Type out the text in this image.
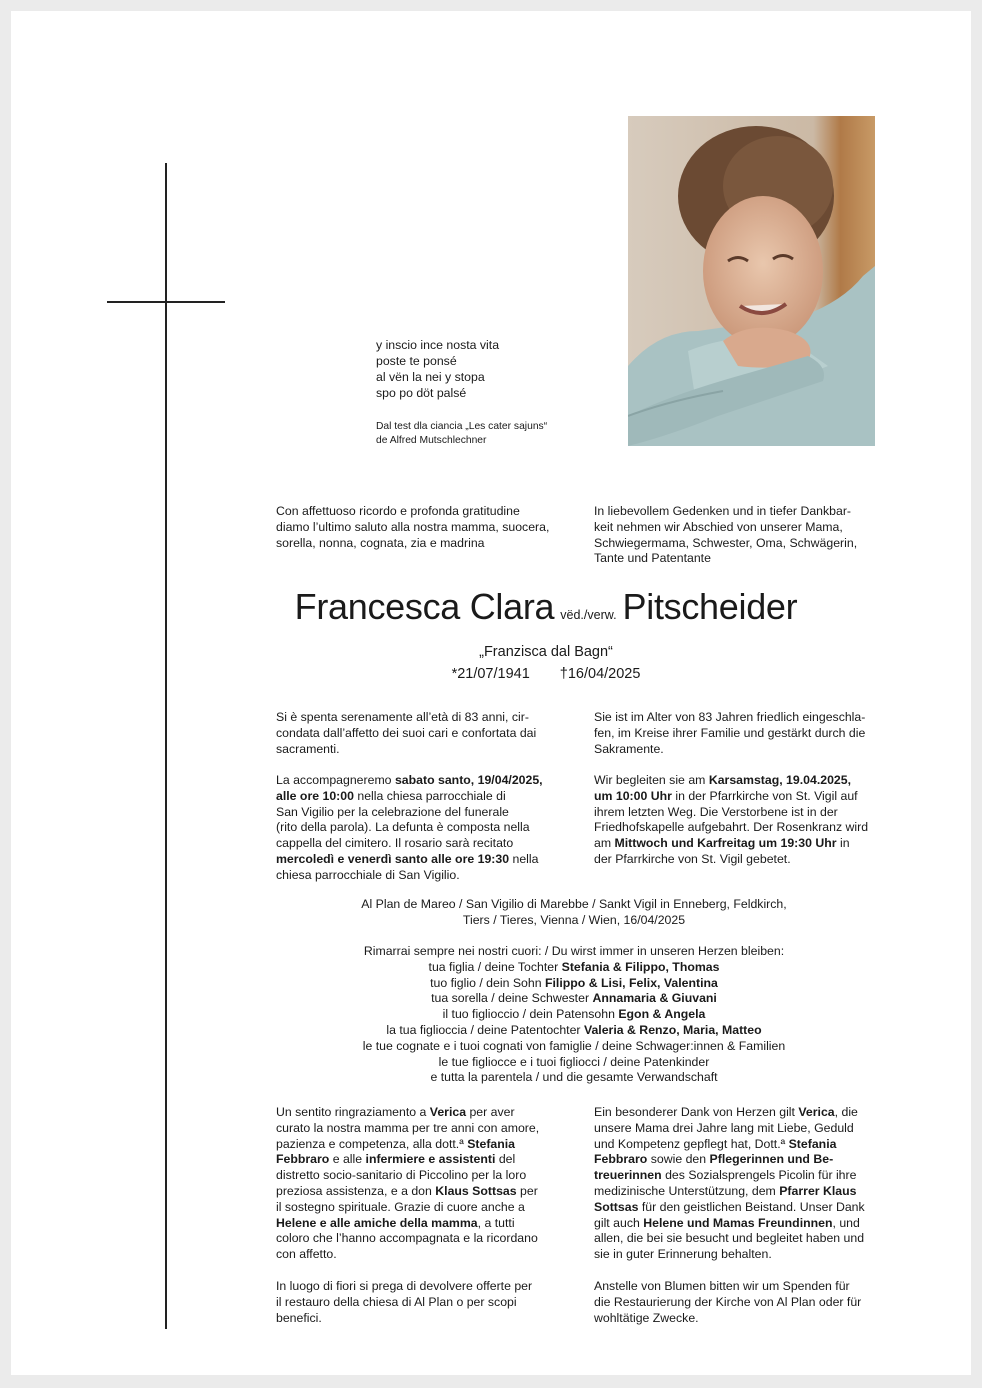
y inscio ince nosta vita

poste te ponsé

al vën la nei y stopa

spo po döt palsé

Dal test dla ciancia „Les cater sajuns“

de Alfred Mutschlechner

Con affettuoso ricordo e profonda gratitudine

diamo l’ultimo saluto alla nostra mamma, suocera,

sorella, nonna, cognata, zia e madrina

In liebevollem Gedenken und in tiefer Dankbar-

keit nehmen wir Abschied von unserer Mama,

Schwiegermama, Schwester, Oma, Schwägerin,

Tante und Patentante

Francesca Clara vëd./verw. Pitscheider
„Franzisca dal Bagn“
*21/07/1941 †16/04/2025

Si è spenta serenamente all’età di 83 anni, cir-

condata dall’affetto dei suoi cari e confortata dai

sacramenti.

Sie ist im Alter von 83 Jahren friedlich eingeschla-

fen, im Kreise ihrer Familie und gestärkt durch die

Sakramente.

La accompagneremo sabato santo, 19/04/2025,

alle ore 10:00 nella chiesa parrocchiale di

San Vigilio per la celebrazione del funerale

(rito della parola). La defunta è composta nella

cappella del cimitero. Il rosario sarà recitato

mercoledì e venerdì santo alle ore 19:30 nella

chiesa parrocchiale di San Vigilio.

Wir begleiten sie am Karsamstag, 19.04.2025,

um 10:00 Uhr in der Pfarrkirche von St. Vigil auf

ihrem letzten Weg. Die Verstorbene ist in der

Friedhofskapelle aufgebahrt. Der Rosenkranz wird

am Mittwoch und Karfreitag um 19:30 Uhr in

der Pfarrkirche von St. Vigil gebetet.

Al Plan de Mareo / San Vigilio di Marebbe / Sankt Vigil in Enneberg, Feldkirch,

Tiers / Tieres, Vienna / Wien, 16/04/2025

Rimarrai sempre nei nostri cuori: / Du wirst immer in unseren Herzen bleiben:

tua figlia / deine Tochter Stefania & Filippo, Thomas

tuo figlio / dein Sohn Filippo & Lisi, Felix, Valentina

tua sorella / deine Schwester Annamaria & Giuvani

il tuo figlioccio / dein Patensohn Egon & Angela

la tua figlioccia / deine Patentochter Valeria & Renzo, Maria, Matteo

le tue cognate e i tuoi cognati von famiglie / deine Schwager:innen & Familien

le tue figlioccе e i tuoi figliocci / deine Patenkinder

e tutta la parentela / und die gesamte Verwandschaft

Un sentito ringraziamento a Verica per aver

curato la nostra mamma per tre anni con amore,

pazienza e competenza, alla dott.ª Stefania

Febbraro e alle infermiere e assistenti del

distretto socio-sanitario di Piccolino per la loro

preziosa assistenza, e a don Klaus Sottsas per

il sostegno spirituale. Grazie di cuore anche a

Helene e alle amiche della mamma, a tutti

coloro che l’hanno accompagnata e la ricordano

con affetto.

Ein besonderer Dank von Herzen gilt Verica, die

unsere Mama drei Jahre lang mit Liebe, Geduld

und Kompetenz gepflegt hat, Dott.ª Stefania

Febbraro sowie den Pflegerinnen und Be-

treuerinnen des Sozialsprengels Picolin für ihre

medizinische Unterstützung, dem Pfarrer Klaus

Sottsas für den geistlichen Beistand. Unser Dank

gilt auch Helene und Mamas Freundinnen, und

allen, die bei sie besucht und begleitet haben und

sie in guter Erinnerung behalten.

In luogo di fiori si prega di devolvere offerte per

il restauro della chiesa di Al Plan o per scopi

benefici.

Anstelle von Blumen bitten wir um Spenden für

die Restaurierung der Kirche von Al Plan oder für

wohltätige Zwecke.
